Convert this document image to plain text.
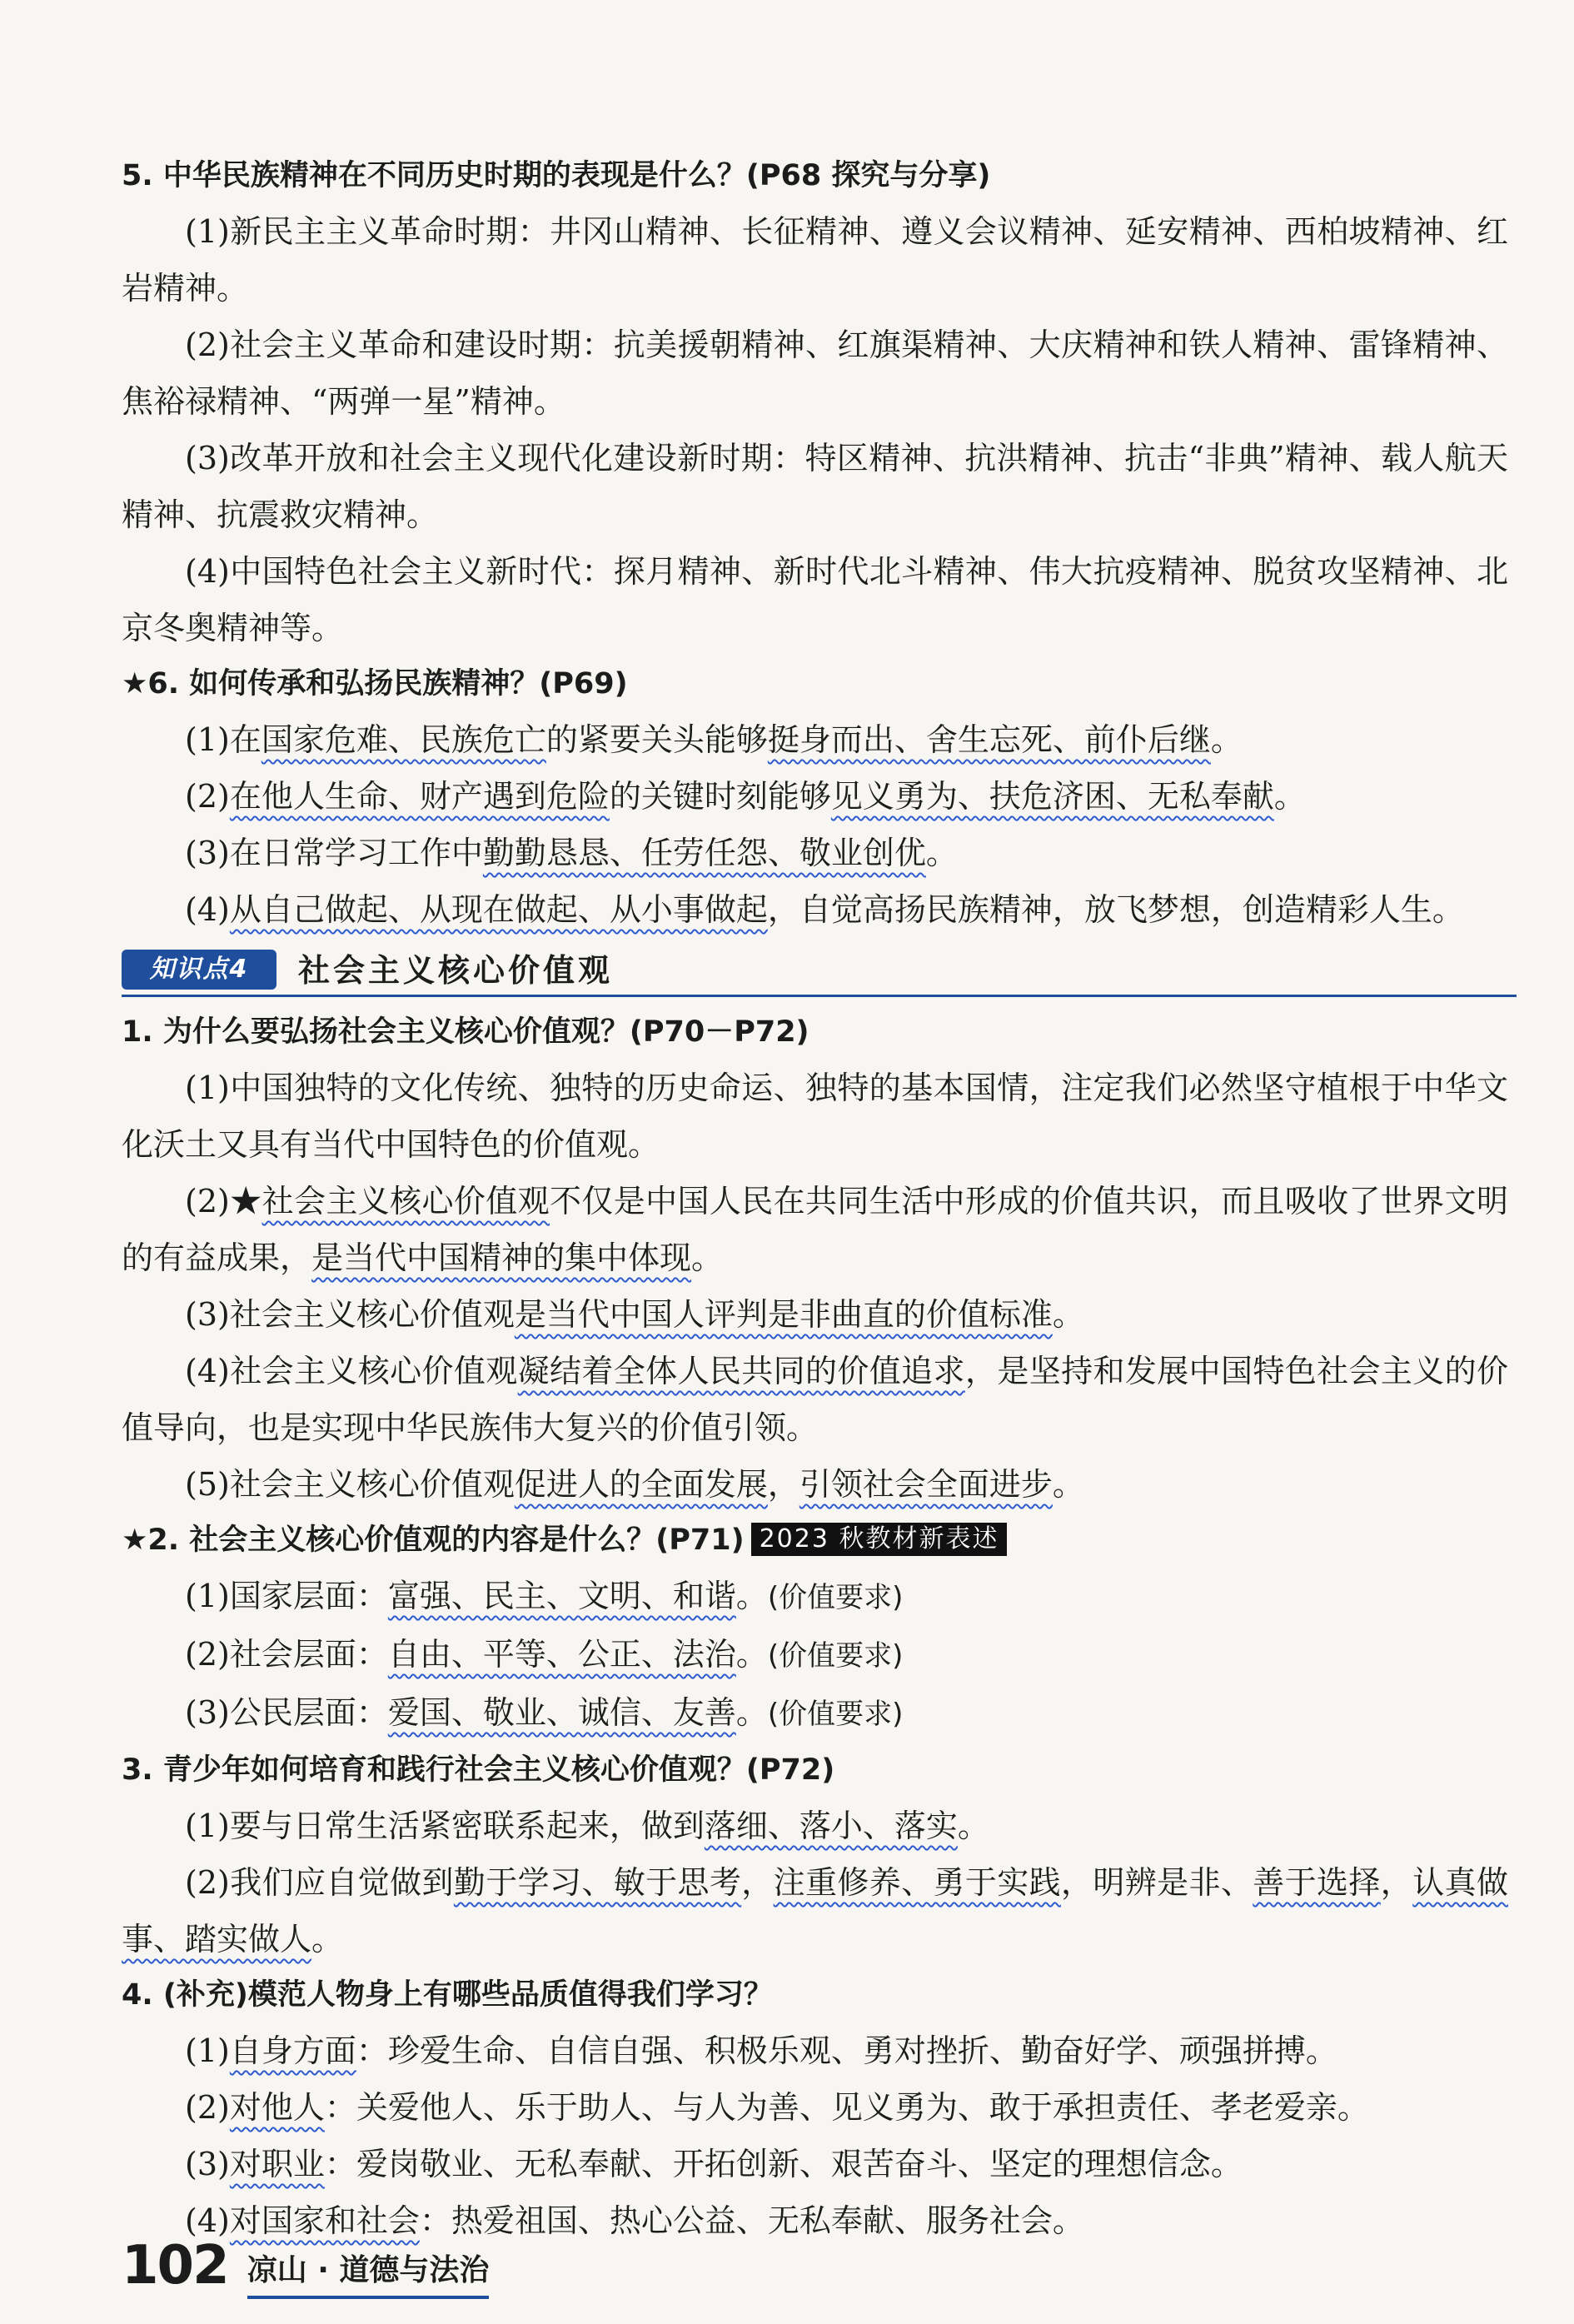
5. 中华民族精神在不同历史时期的表现是什么？(P68 探究与分享)
(1)新民主主义革命时期：井冈山精神、长征精神、遵义会议精神、延安精神、西柏坡精神、红岩精神。
(2)社会主义革命和建设时期：抗美援朝精神、红旗渠精神、大庆精神和铁人精神、雷锋精神、焦裕禄精神、“两弹一星”精神。
(3)改革开放和社会主义现代化建设新时期：特区精神、抗洪精神、抗击“非典”精神、载人航天精神、抗震救灾精神。
(4)中国特色社会主义新时代：探月精神、新时代北斗精神、伟大抗疫精神、脱贫攻坚精神、北京冬奥精神等。
★6. 如何传承和弘扬民族精神？(P69)
(1)在国家危难、民族危亡的紧要关头能够挺身而出、舍生忘死、前仆后继。
(2)在他人生命、财产遇到危险的关键时刻能够见义勇为、扶危济困、无私奉献。
(3)在日常学习工作中勤勤恳恳、任劳任怨、敬业创优。
(4)从自己做起、从现在做起、从小事做起，自觉高扬民族精神，放飞梦想，创造精彩人生。
知识点4	社会主义核心价值观
1. 为什么要弘扬社会主义核心价值观？(P70－P72)
(1)中国独特的文化传统、独特的历史命运、独特的基本国情，注定我们必然坚守植根于中华文化沃土又具有当代中国特色的价值观。
(2)★社会主义核心价值观不仅是中国人民在共同生活中形成的价值共识，而且吸收了世界文明的有益成果，是当代中国精神的集中体现。
(3)社会主义核心价值观是当代中国人评判是非曲直的价值标准。
(4)社会主义核心价值观凝结着全体人民共同的价值追求，是坚持和发展中国特色社会主义的价值导向，也是实现中华民族伟大复兴的价值引领。
(5)社会主义核心价值观促进人的全面发展，引领社会全面进步。
★2. 社会主义核心价值观的内容是什么？(P71) 2023 秋教材新表述
(1)国家层面：富强、民主、文明、和谐。(价值要求)
(2)社会层面：自由、平等、公正、法治。(价值要求)
(3)公民层面：爱国、敬业、诚信、友善。(价值要求)
3. 青少年如何培育和践行社会主义核心价值观？(P72)
(1)要与日常生活紧密联系起来，做到落细、落小、落实。
(2)我们应自觉做到勤于学习、敏于思考，注重修养、勇于实践，明辨是非、善于选择，认真做事、踏实做人。
4. (补充)模范人物身上有哪些品质值得我们学习？
(1)自身方面：珍爱生命、自信自强、积极乐观、勇对挫折、勤奋好学、顽强拼搏。
(2)对他人：关爱他人、乐于助人、与人为善、见义勇为、敢于承担责任、孝老爱亲。
(3)对职业：爱岗敬业、无私奉献、开拓创新、艰苦奋斗、坚定的理想信念。
(4)对国家和社会：热爱祖国、热心公益、无私奉献、服务社会。
102 凉山 · 道德与法治
